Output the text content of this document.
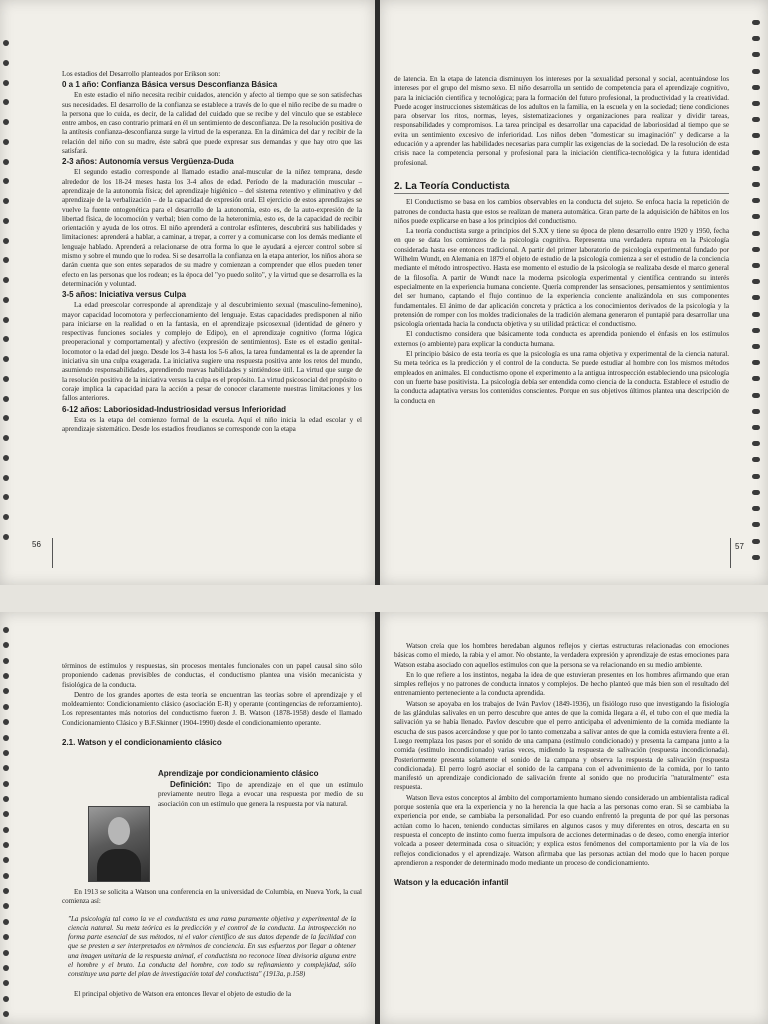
Los estadios del Desarrollo planteados por Erikson son:

0 a 1 año: Confianza Básica versus Desconfianza Básica

En este estadio el niño necesita recibir cuidados, atención y afecto al tiempo que se son satisfechas sus necesidades. El desarrollo de la confianza se establece a través de lo que el niño recibe de su madre o la persona que lo cuida, es decir, de la calidad del cuidado que se recibe y del vínculo que se establece entre ambos, en caso contrario primará en él un sentimiento de desconfianza. De la resolución positiva de la antítesis confianza-desconfianza surge la virtud de la esperanza. En la dinámica del dar y recibir de la relación del niño con su madre, éste sabrá que puede expresar sus demandas y que hay otro que las satisfará.

2-3 años: Autonomía versus Vergüenza-Duda

El segundo estadio corresponde al llamado estadio anal-muscular de la niñez temprana, desde alrededor de los 18-24 meses hasta los 3-4 años de edad. Período de la maduración muscular –aprendizaje de la autonomía física; del aprendizaje higiénico – del sistema retentivo y eliminativo y del aprendizaje de la verbalización – de la capacidad de expresión oral. El ejercicio de estos aprendizajes se vuelve la fuente ontogenética para el desarrollo de la autonomía, esto es, de la auto-expresión de la libertad física, de locomoción y verbal; bien como de la heteronimia, esto es, de la capacidad de recibir orientación y ayuda de los otros. El niño aprenderá a controlar esfínteres, descubrirá sus habilidades y limitaciones: aprenderá a hablar, a caminar, a trepar, a correr y a comunicarse con los demás mediante el lenguaje hablado. Aprenderá a relacionarse de otra forma lo que le ayudará a ejercer control sobre sí mismo y sobre el mundo que lo rodea. Si se desarrolla la confianza en la etapa anterior, los niños ahora se darán cuenta que son entes separados de su madre y comienzan a comprender que ellos pueden tener efecto en las personas que los rodean; es la época del "yo puedo solito", y la virtud que se desarrolla es la determinación y voluntad.

3-5 años: Iniciativa versus Culpa

La edad preescolar corresponde al aprendizaje y al descubrimiento sexual (masculino-femenino), mayor capacidad locomotora y perfeccionamiento del lenguaje. Estas capacidades predisponen al niño para iniciarse en la realidad o en la fantasía, en el aprendizaje psicosexual (identidad de género y respectivas funciones sociales y complejo de Edipo), en el aprendizaje cognitivo (forma lógica preoperacional y comportamental) y afectivo (expresión de sentimientos). Este es el estadio genital-locomotor o la edad del juego. Desde los 3-4 hasta los 5-6 años, la tarea fundamental es la de aprender la iniciativa sin una culpa exagerada. La iniciativa sugiere una respuesta positiva ante los retos del mundo, asumiendo responsabilidades, aprendiendo nuevas habilidades y sintiéndose útil. La virtud que surge de la resolución positiva de la iniciativa versus la culpa es el propósito. La virtud psicosocial del propósito o coraje implica la capacidad para la acción a pesar de conocer claramente nuestras limitaciones y los fallos anteriores.

6-12 años: Laboriosidad-Industriosidad versus Inferioridad

Esta es la etapa del comienzo formal de la escuela. Aquí el niño inicia la edad escolar y el aprendizaje sistemático. Desde los estadios freudianos se corresponde con la etapa

56

de latencia. En la etapa de latencia disminuyen los intereses por la sexualidad personal y social, acentuándose los intereses por el grupo del mismo sexo. El niño desarrolla un sentido de competencia para el aprendizaje cognitivo, para la iniciación científica y tecnológica; para la formación del futuro profesional, la productividad y la creatividad. Puede acoger instrucciones sistemáticas de los adultos en la familia, en la escuela y en la sociedad; tiene condiciones para observar los ritos, normas, leyes, sistematizaciones y organizaciones para realizar y dividir tareas, responsabilidades y compromisos. La tarea principal es desarrollar una capacidad de laboriosidad al tiempo que se evita un sentimiento excesivo de inferioridad. Los niños deben "domesticar su imaginación" y dedicarse a la educación y a aprender las habilidades necesarias para cumplir las exigencias de la sociedad. De la resolución de esta crisis nace la competencia personal y profesional para la iniciación científica-tecnológica y la futura identidad profesional.

2. La Teoría Conductista

El Conductismo se basa en los cambios observables en la conducta del sujeto. Se enfoca hacia la repetición de patrones de conducta hasta que estos se realizan de manera automática. Gran parte de la adquisición de hábitos en los niños puede explicarse en base a los principios del conductismo.

La teoría conductista surge a principios del S.XX y tiene su época de pleno desarrollo entre 1920 y 1950, fecha en que se data los comienzos de la psicología cognitiva. Representa una verdadera ruptura en la Psicología considerada hasta ese entonces tradicional. A partir del primer laboratorio de psicología experimental fundado por Wilhelm Wundt, en Alemania en 1879 el objeto de estudio de la psicología comienza a ser el estudio de la conciencia mediante el método introspectivo. Hasta ese momento el estudio de la psicología se realizaba desde el marco general de la filosofía. A partir de Wundt nace la moderna psicología experimental y científica centrando su interés especialmente en la experiencia humana conciente. Quería comprender las sensaciones, pensamientos y sentimientos del ser humano, captando el flujo continuo de la experiencia conciente analizándola en sus componentes fundamentales. El ánimo de dar aplicación concreta y práctica a los conocimientos derivados de la psicología y la pretensión de romper con los moldes tradicionales de la tradición alemana generaron el puntapié para desarrollar una psicología orientada hacia la conducta objetiva y su utilidad práctica: el conductismo.

El conductismo considera que básicamente toda conducta es aprendida poniendo el énfasis en los estímulos externos (o ambiente) para explicar la conducta humana.

El principio básico de esta teoría es que la psicología es una rama objetiva y experimental de la ciencia natural. Su meta teórica es la predicción y el control de la conducta. Se puede estudiar al hombre con los mismos métodos empleados en animales. El conductismo opone el experimento a la antigua introspección estableciendo una psicología con un fuerte base positivista. La psicología debía ser entendida como ciencia de la conducta. Establece el estudio de la conducta adaptativa versus los contenidos conscientes. Porque en sus objetivos últimos plantea una descripción de la conducta en

57

términos de estímulos y respuestas, sin procesos mentales funcionales con un papel causal sino sólo proponiendo cadenas previsibles de conductas, el conductismo plantea una visión mecanicista y fisiológica de la conducta.

Dentro de los grandes aportes de esta teoría se encuentran las teorías sobre el aprendizaje y el moldeamiento: Condicionamiento clásico (asociación E-R) y operante (contingencias de reforzamiento). Los representantes más notorios del conductismo fueron J. B. Watson (1878-1958) desde el llamado Condicionamiento Clásico y B.F.Skinner (1904-1990) desde el condicionamiento operante.

2.1. Watson y el condicionamiento clásico
Aprendizaje por condicionamiento clásico

Definición: Tipo de aprendizaje en el que un estímulo previamente neutro llega a evocar una respuesta por medio de su asociación con un estímulo que genera la respuesta por vía natural.

En 1913 se solicita a Watson una conferencia en la universidad de Columbia, en Nueva York, la cual comienza así:

"La psicología tal como la ve el conductista es una rama puramente objetiva y experimental de la ciencia natural. Su meta teórica es la predicción y el control de la conducta. La introspección no forma parte esencial de sus métodos, ni el valor científico de sus datos depende de la facilidad con que se presten a ser interpretados en términos de conciencia. En sus esfuerzos por llegar a obtener una imagen unitaria de la respuesta animal, el conductista no reconoce línea divisoria alguna entre el hombre y el bruto. La conducta del hombre, con todo su refinamiento y complejidad, sólo constituye una parte del plan de investigación total del conductista" (1913a, p.158)

El principal objetivo de Watson era entonces llevar el objeto de estudio de la

Watson creía que los hombres heredaban algunos reflejos y ciertas estructuras relacionadas con emociones básicas como el miedo, la rabia y el amor. No obstante, la verdadera expresión y aprendizaje de estas emociones para Watson estaba asociado con aquellos estímulos con que la persona se va relacionando en su medio ambiente.

En lo que refiere a los instintos, negaba la idea de que estuvieran presentes en los hombres afirmando que eran simples reflejos y no patrones de conducta innatos y complejos. De hecho planteó que más bien son el resultado del entrenamiento perteneciente a la conducta aprendida.

Watson se apoyaba en los trabajos de Iván Pavlov (1849-1936), un fisiólogo ruso que investigando la fisiología de las glándulas salivales en un perro descubre que antes de que la comida llegara a él, el tubo con el que medía la salivación ya se había llenado. Pavlov descubre que el perro anticipaba el advenimiento de la comida mediante la escucha de sus pasos acercándose y que por lo tanto comenzaba a salivar antes de que la comida estuviera frente a él. Luego reemplaza los pasos por el sonido de una campana (estímulo condicionado) y presenta la campana junto a la comida (estímulo incondicionado) varias veces, midiendo la respuesta de salivación (respuesta incondicionada). Posteriormente presenta solamente el sonido de la campana y observa la respuesta de salivación (respuesta condicionada). El perro logró asociar el sonido de la campana con el advenimiento de la comida, por lo tanto manifestó un aprendizaje condicionado de salivación frente al sonido que no produciría "naturalmente" esta respuesta.

Watson lleva estos conceptos al ámbito del comportamiento humano siendo considerado un ambientalista radical porque sostenía que era la experiencia y no la herencia la que hacía a las personas como eran. Si se cambiaba la experiencia por ende, se cambiaba la personalidad. Por eso cuando enfrentó la pregunta de por qué las personas actúan como lo hacen, teniendo conductas similares en algunos casos y muy diferentes en otros, descarta en su respuesta el concepto de instinto como fuerza impulsora de acciones determinadas o de deseo, como energía interior volcada a poseer determinada cosa o situación; y explica estos fenómenos del comportamiento por la vía de los reflejos condicionados y el aprendizaje. Watson afirmaba que las personas actúan del modo que lo hacen porque aprendieron a responder de determinado modo mediante un proceso de condicionamiento.

Watson y la educación infantil
